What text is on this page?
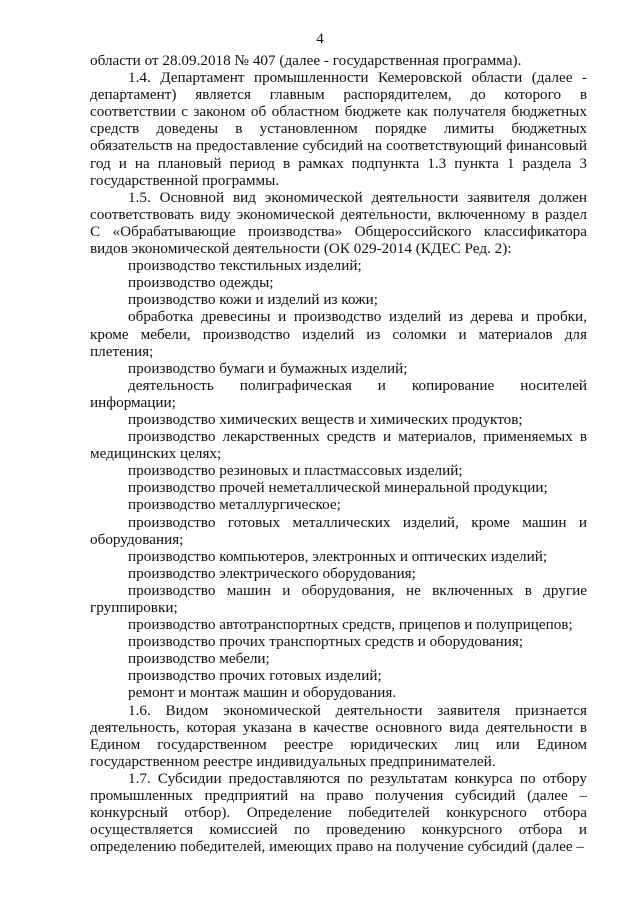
4

области от 28.09.2018 № 407 (далее - государственная программа).

1.4. Департамент промышленности Кемеровской области (далее - департамент) является главным распорядителем, до которого в соответствии с законом об областном бюджете как получателя бюджетных средств доведены в установленном порядке лимиты бюджетных обязательств на предоставление субсидий на соответствующий финансовый год и на плановый период в рамках подпункта 1.3 пункта 1 раздела 3 государственной программы.

1.5. Основной вид экономической деятельности заявителя должен соответствовать виду экономической деятельности, включенному в раздел C «Обрабатывающие производства» Общероссийского классификатора видов экономической деятельности (ОК 029-2014 (КДЕС Ред. 2):

производство текстильных изделий;

производство одежды;

производство кожи и изделий из кожи;

обработка древесины и производство изделий из дерева и пробки, кроме мебели, производство изделий из соломки и материалов для плетения;

производство бумаги и бумажных изделий;

деятельность полиграфическая и копирование носителей информации;

производство химических веществ и химических продуктов;

производство лекарственных средств и материалов, применяемых в медицинских целях;

производство резиновых и пластмассовых изделий;

производство прочей неметаллической минеральной продукции;

производство металлургическое;

производство готовых металлических изделий, кроме машин и оборудования;

производство компьютеров, электронных и оптических изделий;

производство электрического оборудования;

производство машин и оборудования, не включенных в другие группировки;

производство автотранспортных средств, прицепов и полуприцепов;

производство прочих транспортных средств и оборудования;

производство мебели;

производство прочих готовых изделий;

ремонт и монтаж машин и оборудования.

1.6. Видом экономической деятельности заявителя признается деятельность, которая указана в качестве основного вида деятельности в Едином государственном реестре юридических лиц или Едином государственном реестре индивидуальных предпринимателей.

1.7. Субсидии предоставляются по результатам конкурса по отбору промышленных предприятий на право получения субсидий (далее – конкурсный отбор). Определение победителей конкурсного отбора осуществляется комиссией по проведению конкурсного отбора и определению победителей, имеющих право на получение субсидий (далее –
